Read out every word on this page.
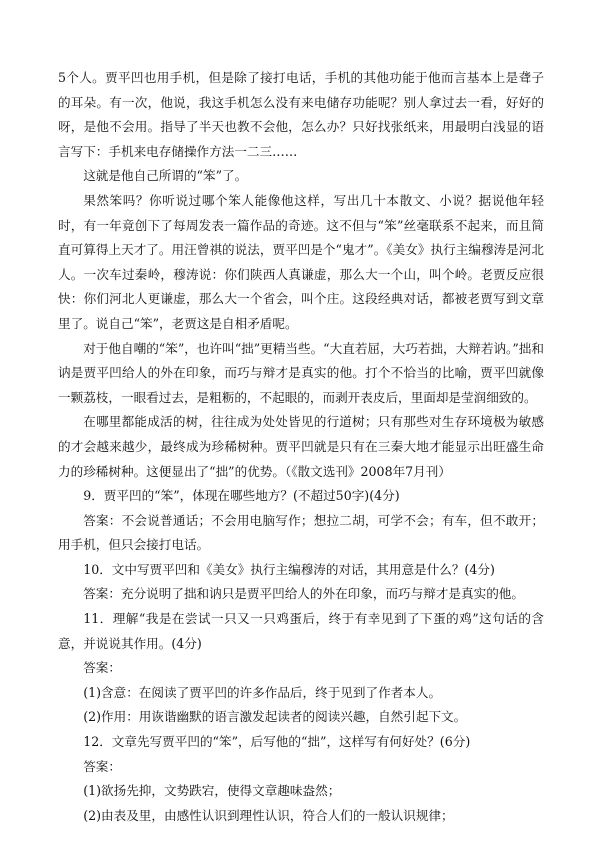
5个人。贾平凹也用手机，但是除了接打电话，手机的其他功能于他而言基本上是聋子的耳朵。有一次，他说，我这手机怎么没有来电储存功能呢？别人拿过去一看，好好的呀，是他不会用。指导了半天也教不会他，怎么办？只好找张纸来，用最明白浅显的语言写下：手机来电存储操作方法一二三……

这就是他自己所谓的“笨”了。

果然笨吗？你听说过哪个笨人能像他这样，写出几十本散文、小说？据说他年轻时，有一年竟创下了每周发表一篇作品的奇迹。这不但与“笨”丝毫联系不起来，而且简直可算得上天才了。用汪曾祺的说法，贾平凹是个“鬼才”。《美女》执行主编穆涛是河北人。一次车过秦岭，穆涛说：你们陕西人真谦虚，那么大一个山，叫个岭。老贾反应很快：你们河北人更谦虚，那么大一个省会，叫个庄。这段经典对话，都被老贾写到文章里了。说自己“笨”，老贾这是自相矛盾呢。

对于他自嘲的“笨”，也许叫“拙”更精当些。“大直若屈，大巧若拙，大辩若讷。”拙和讷是贾平凹给人的外在印象，而巧与辩才是真实的他。打个不恰当的比喻，贾平凹就像一颗荔枝，一眼看过去，是粗粝的，不起眼的，而剥开表皮后，里面却是莹润细致的。

在哪里都能成活的树，往往成为处处皆见的行道树；只有那些对生存环境极为敏感的才会越来越少，最终成为珍稀树种。贾平凹就是只有在三秦大地才能显示出旺盛生命力的珍稀树种。这便显出了“拙”的优势。（《散文选刊》2008年7月刊）

9．贾平凹的“笨”，体现在哪些地方？(不超过50字)(4分)

答案：不会说普通话；不会用电脑写作；想拉二胡，可学不会；有车，但不敢开；用手机，但只会接打电话。

10．文中写贾平凹和《美女》执行主编穆涛的对话，其用意是什么？(4分)

答案：充分说明了拙和讷只是贾平凹给人的外在印象，而巧与辩才是真实的他。

11．理解“我是在尝试一只又一只鸡蛋后，终于有幸见到了下蛋的鸡”这句话的含意，并说说其作用。(4分)

答案：

(1)含意：在阅读了贾平凹的许多作品后，终于见到了作者本人。

(2)作用：用诙谐幽默的语言激发起读者的阅读兴趣，自然引起下文。

12．文章先写贾平凹的“笨”，后写他的“拙”，这样写有何好处？(6分)

答案：

(1)欲扬先抑，文势跌宕，使得文章趣味盎然；

(2)由表及里，由感性认识到理性认识，符合人们的一般认识规律；
